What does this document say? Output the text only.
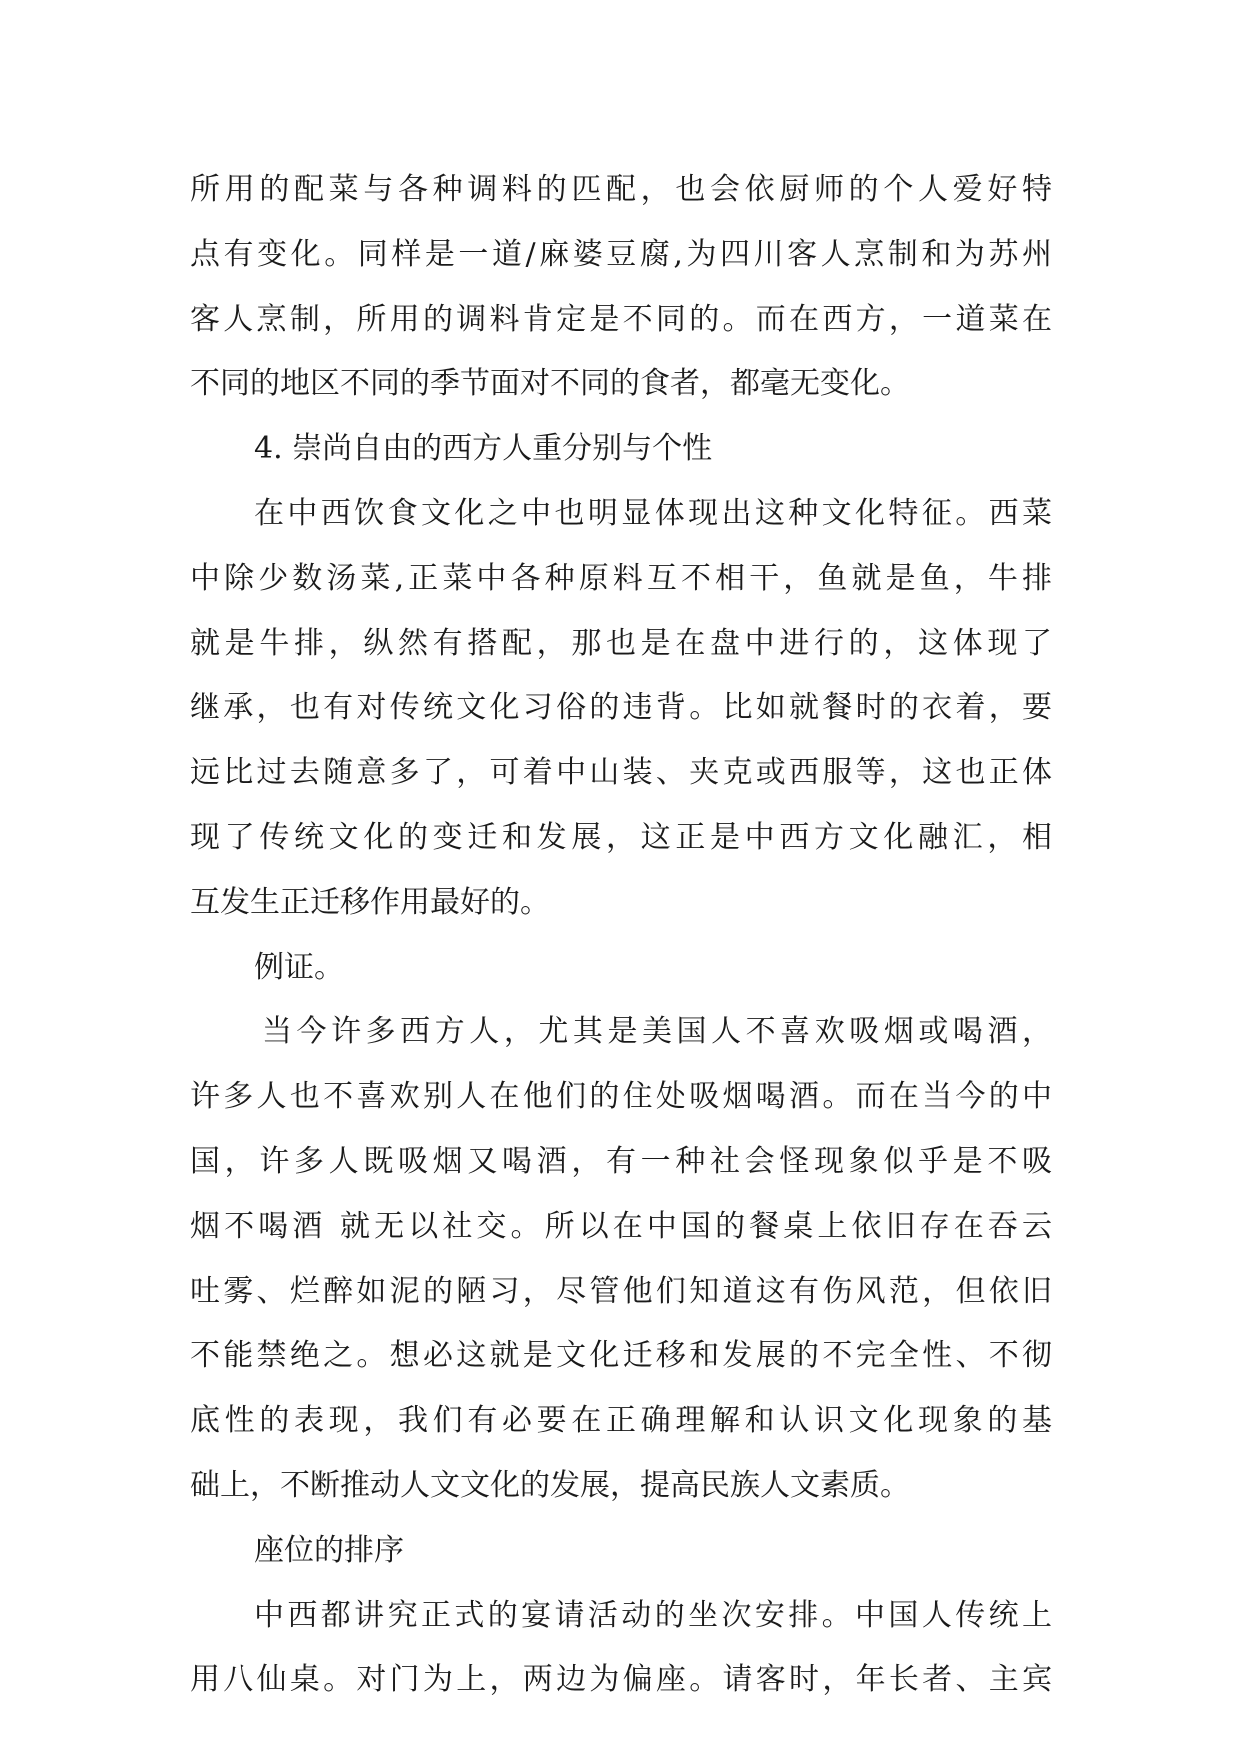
所用的配菜与各种调料的匹配，也会依厨师的个人爱好特
点有变化。同样是一道/麻婆豆腐,为四川客人烹制和为苏州
客人烹制，所用的调料肯定是不同的。而在西方，一道菜在
不同的地区不同的季节面对不同的食者，都毫无变化。
4. 崇尚自由的西方人重分别与个性
在中西饮食文化之中也明显体现出这种文化特征。西菜
中除少数汤菜,正菜中各种原料互不相干，鱼就是鱼，牛排
就是牛排，纵然有搭配，那也是在盘中进行的，这体现了
继承，也有对传统文化习俗的违背。比如就餐时的衣着，要
远比过去随意多了，可着中山装、夹克或西服等，这也正体
现了传统文化的变迁和发展，这正是中西方文化融汇，相
互发生正迁移作用最好的。
例证。
当今许多西方人，尤其是美国人不喜欢吸烟或喝酒，
许多人也不喜欢别人在他们的住处吸烟喝酒。而在当今的中
国，许多人既吸烟又喝酒，有一种社会怪现象似乎是不吸
烟不喝酒 就无以社交。所以在中国的餐桌上依旧存在吞云
吐雾、烂醉如泥的陋习，尽管他们知道这有伤风范，但依旧
不能禁绝之。想必这就是文化迁移和发展的不完全性、不彻
底性的表现，我们有必要在正确理解和认识文化现象的基
础上，不断推动人文文化的发展，提高民族人文素质。
座位的排序
中西都讲究正式的宴请活动的坐次安排。中国人传统上
用八仙桌。对门为上，两边为偏座。请客时，年长者、主宾
